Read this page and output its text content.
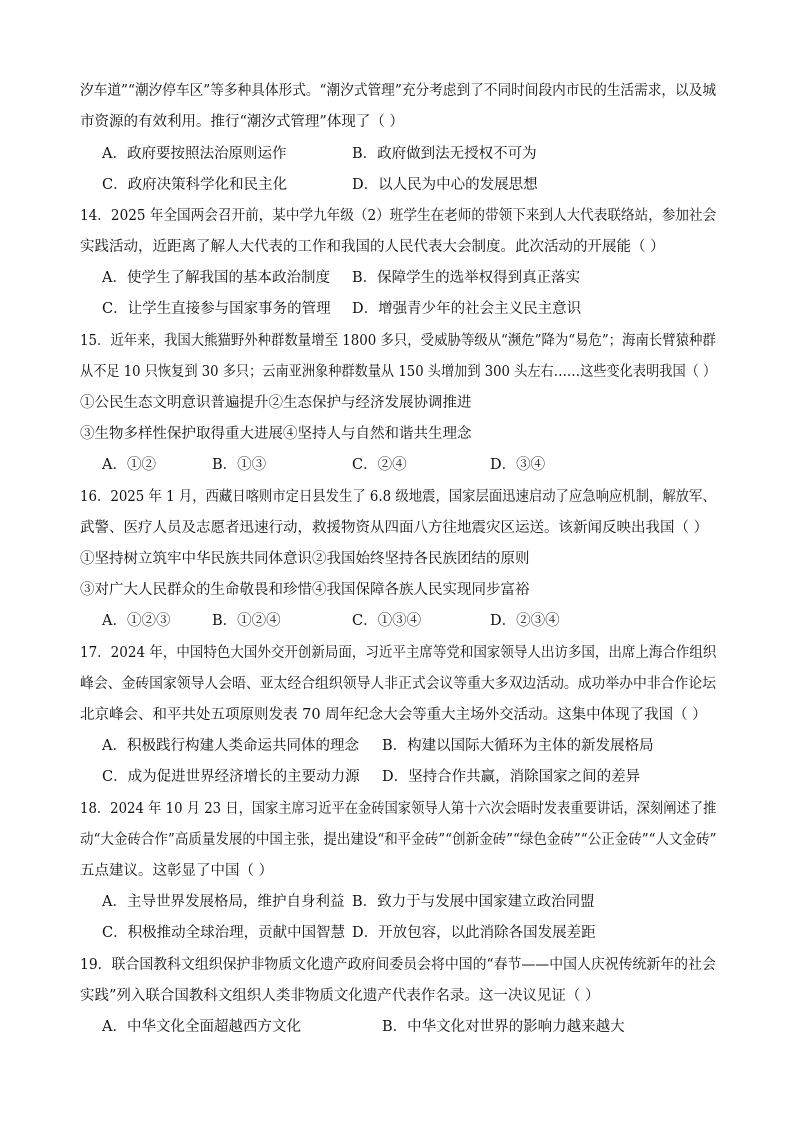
汐车道”“潮汐停车区”等多种具体形式。“潮汐式管理”充分考虑到了不同时间段内市民的生活需求，以及城
市资源的有效利用。推行“潮汐式管理”体现了（ ）
A．政府要按照法治原则运作	B．政府做到法无授权不可为
C．政府决策科学化和民主化	D．以人民为中心的发展思想
14．2025 年全国两会召开前，某中学九年级（2）班学生在老师的带领下来到人大代表联络站，参加社会
实践活动，近距离了解人大代表的工作和我国的人民代表大会制度。此次活动的开展能（ ）
A．使学生了解我国的基本政治制度 B．保障学生的选举权得到真正落实
C．让学生直接参与国家事务的管理 D．增强青少年的社会主义民主意识
15．近年来，我国大熊猫野外种群数量增至 1800 多只，受威胁等级从“濒危”降为“易危”；海南长臂猿种群
从不足 10 只恢复到 30 多只；云南亚洲象种群数量从 150 头增加到 300 头左右……这些变化表明我国（ ）
①公民生态文明意识普遍提升②生态保护与经济发展协调推进
③生物多样性保护取得重大进展④坚持人与自然和谐共生理念
A．①②	B．①③	C．②④	D．③④
16．2025 年 1 月，西藏日喀则市定日县发生了 6.8 级地震，国家层面迅速启动了应急响应机制，解放军、
武警、医疗人员及志愿者迅速行动，救援物资从四面八方往地震灾区运送。该新闻反映出我国（ ）
①坚持树立筑牢中华民族共同体意识②我国始终坚持各民族团结的原则
③对广大人民群众的生命敬畏和珍惜④我国保障各族人民实现同步富裕
A．①②③	B．①②④	C．①③④	D．②③④
17．2024 年，中国特色大国外交开创新局面，习近平主席等党和国家领导人出访多国，出席上海合作组织
峰会、金砖国家领导人会晤、亚太经合组织领导人非正式会议等重大多双边活动。成功举办中非合作论坛
北京峰会、和平共处五项原则发表 70 周年纪念大会等重大主场外交活动。这集中体现了我国（ ）
A．积极践行构建人类命运共同体的理念 B．构建以国际大循环为主体的新发展格局
C．成为促进世界经济增长的主要动力源 D．坚持合作共赢，消除国家之间的差异
18．2024 年 10 月 23 日，国家主席习近平在金砖国家领导人第十六次会晤时发表重要讲话，深刻阐述了推
动“大金砖合作”高质量发展的中国主张，提出建设“和平金砖”“创新金砖”“绿色金砖”“公正金砖”“人文金砖”
五点建议。这彰显了中国（ ）
A．主导世界发展格局，维护自身利益 B．致力于与发展中国家建立政治同盟
C．积极推动全球治理，贡献中国智慧 D．开放包容，以此消除各国发展差距
19．联合国教科文组织保护非物质文化遗产政府间委员会将中国的“春节——中国人庆祝传统新年的社会
实践”列入联合国教科文组织人类非物质文化遗产代表作名录。这一决议见证（ ）
A．中华文化全面超越西方文化	B．中华文化对世界的影响力越来越大
